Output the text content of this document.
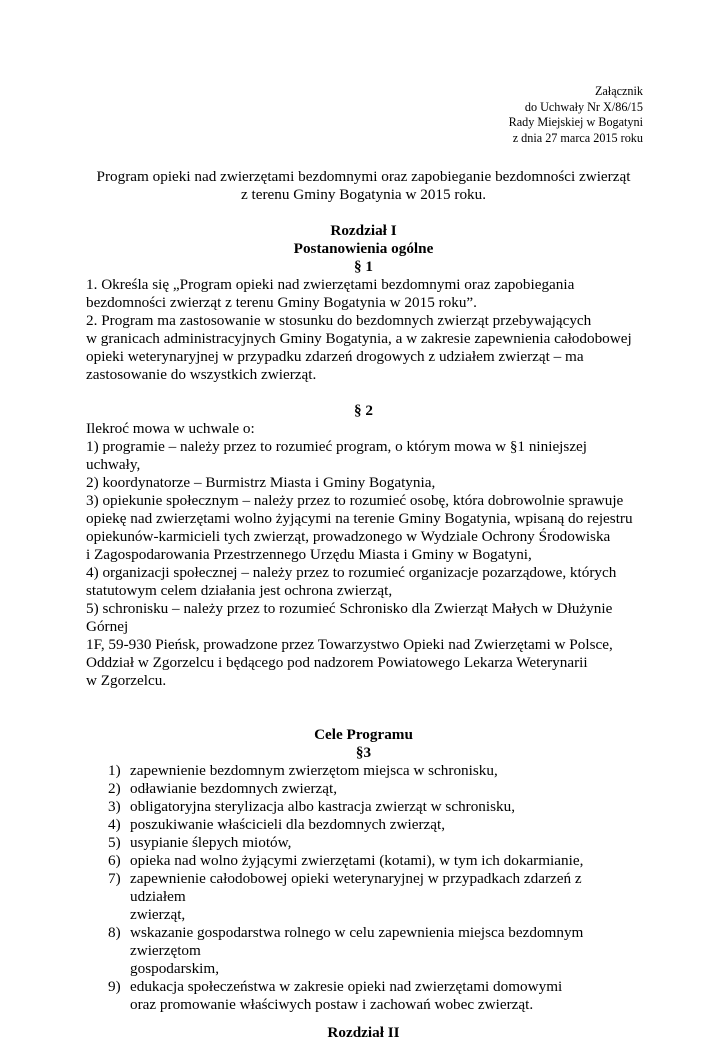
Załącznik
do Uchwały Nr X/86/15
Rady Miejskiej w Bogatyni
z dnia 27 marca 2015 roku
Program opieki nad zwierzętami bezdomnymi oraz zapobieganie bezdomności zwierząt
z terenu Gminy Bogatynia w 2015 roku.
Rozdział I
Postanowienia ogólne
§ 1
1. Określa się „Program opieki nad zwierzętami bezdomnymi oraz zapobiegania
bezdomności zwierząt z terenu Gminy Bogatynia w 2015 roku”.
2. Program ma zastosowanie w stosunku do bezdomnych zwierząt przebywających
w granicach administracyjnych Gminy Bogatynia, a w zakresie zapewnienia całodobowej
opieki weterynaryjnej w przypadku zdarzeń drogowych z udziałem zwierząt – ma
zastosowanie do wszystkich zwierząt.
§ 2
Ilekroć mowa w uchwale o:
1) programie – należy przez to rozumieć program, o którym mowa w §1 niniejszej
uchwały,
2) koordynatorze – Burmistrz Miasta i Gminy Bogatynia,
3) opiekunie społecznym – należy przez to rozumieć osobę, która dobrowolnie sprawuje
opiekę nad zwierzętami wolno żyjącymi na terenie Gminy Bogatynia, wpisaną do rejestru
opiekunów-karmicieli tych zwierząt, prowadzonego w Wydziale Ochrony Środowiska
i Zagospodarowania Przestrzennego Urzędu Miasta i Gminy w Bogatyni,
4) organizacji społecznej – należy przez to rozumieć organizacje pozarządowe, których
statutowym celem działania jest ochrona zwierząt,
5) schronisku – należy przez to rozumieć Schronisko dla Zwierząt Małych w Dłużynie Górnej
1F, 59-930 Pieńsk, prowadzone przez Towarzystwo Opieki nad Zwierzętami w Polsce,
Oddział w Zgorzelcu i będącego pod nadzorem Powiatowego Lekarza Weterynarii
w Zgorzelcu.
Cele Programu
§3
1) zapewnienie bezdomnym zwierzętom miejsca w schronisku,
2) odławianie bezdomnych zwierząt,
3) obligatoryjna sterylizacja albo kastracja zwierząt w schronisku,
4) poszukiwanie właścicieli dla bezdomnych zwierząt,
5) usypianie ślepych miotów,
6) opieka nad wolno żyjącymi zwierzętami (kotami), w tym ich dokarmianie,
7) zapewnienie całodobowej opieki weterynaryjnej w przypadkach zdarzeń z udziałem
zwierząt,
8) wskazanie gospodarstwa rolnego w celu zapewnienia miejsca bezdomnym zwierzętom
gospodarskim,
9) edukacja społeczeństwa w zakresie opieki nad zwierzętami domowymi
oraz promowanie właściwych postaw i zachowań wobec zwierząt.
Rozdział II
